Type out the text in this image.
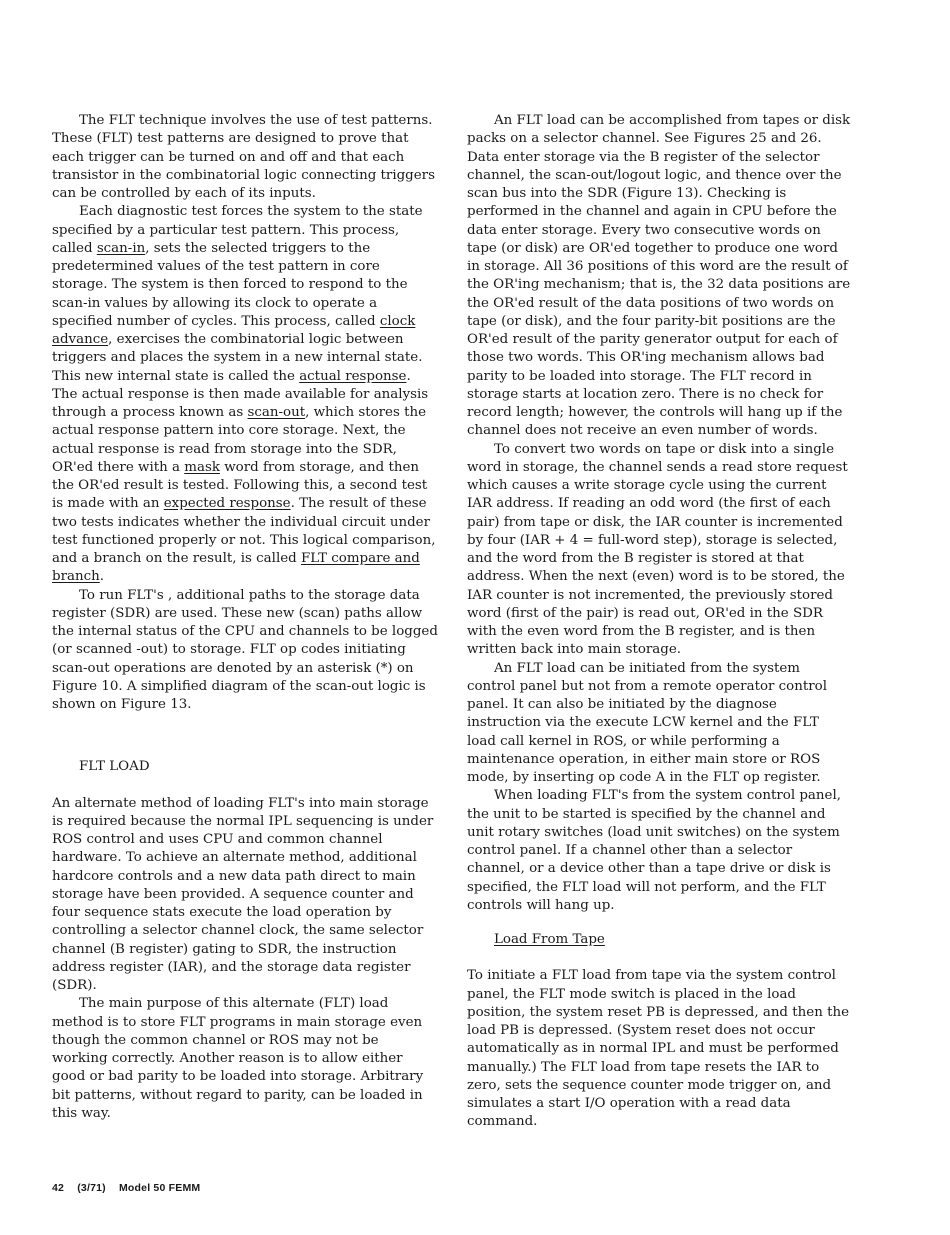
The FLT technique involves the use of test patterns. These (FLT) test patterns are designed to prove that each trigger can be turned on and off and that each transistor in the combinatorial logic connecting triggers can be controlled by each of its inputs.

Each diagnostic test forces the system to the state specified by a particular test pattern. This process, called scan-in, sets the selected triggers to the predetermined values of the test pattern in core storage. The system is then forced to respond to the scan-in values by allowing its clock to operate a specified number of cycles. This process, called clock advance, exercises the combinatorial logic between triggers and places the system in a new internal state. This new internal state is called the actual response. The actual response is then made available for analysis through a process known as scan-out, which stores the actual response pattern into core storage. Next, the actual response is read from storage into the SDR, OR'ed there with a mask word from storage, and then the OR'ed result is tested. Following this, a second test is made with an expected response. The result of these two tests indicates whether the individual circuit under test functioned properly or not. This logical comparison, and a branch on the result, is called FLT compare and branch.

To run FLT's , additional paths to the storage data register (SDR) are used. These new (scan) paths allow the internal status of the CPU and channels to be logged (or scanned -out) to storage. FLT op codes initiating scan-out operations are denoted by an asterisk (*) on Figure 10. A simplified diagram of the scan-out logic is shown on Figure 13.

FLT LOAD

An alternate method of loading FLT's into main storage is required because the normal IPL sequencing is under ROS control and uses CPU and common channel hardware. To achieve an alternate method, additional hardcore controls and a new data path direct to main storage have been provided. A sequence counter and four sequence stats execute the load operation by controlling a selector channel clock, the same selector channel (B register) gating to SDR, the instruction address register (IAR), and the storage data register (SDR).

The main purpose of this alternate (FLT) load method is to store FLT programs in main storage even though the common channel or ROS may not be working correctly. Another reason is to allow either good or bad parity to be loaded into storage. Arbitrary bit patterns, without regard to parity, can be loaded in this way.

An FLT load can be accomplished from tapes or disk packs on a selector channel. See Figures 25 and 26. Data enter storage via the B register of the selector channel, the scan-out/logout logic, and thence over the scan bus into the SDR (Figure 13). Checking is performed in the channel and again in CPU before the data enter storage. Every two consecutive words on tape (or disk) are OR'ed together to produce one word in storage. All 36 positions of this word are the result of the OR'ing mechanism; that is, the 32 data positions are the OR'ed result of the data positions of two words on tape (or disk), and the four parity-bit positions are the OR'ed result of the parity generator output for each of those two words. This OR'ing mechanism allows bad parity to be loaded into storage. The FLT record in storage starts at location zero. There is no check for record length; however, the controls will hang up if the channel does not receive an even number of words.

To convert two words on tape or disk into a single word in storage, the channel sends a read store request which causes a write storage cycle using the current IAR address. If reading an odd word (the first of each pair) from tape or disk, the IAR counter is incremented by four (IAR + 4 = full-word step), storage is selected, and the word from the B register is stored at that address. When the next (even) word is to be stored, the IAR counter is not incremented, the previously stored word (first of the pair) is read out, OR'ed in the SDR with the even word from the B register, and is then written back into main storage.

An FLT load can be initiated from the system control panel but not from a remote operator control panel. It can also be initiated by the diagnose instruction via the execute LCW kernel and the FLT load call kernel in ROS, or while performing a maintenance operation, in either main store or ROS mode, by inserting op code A in the FLT op register.

When loading FLT's from the system control panel, the unit to be started is specified by the channel and unit rotary switches (load unit switches) on the system control panel. If a channel other than a selector channel, or a device other than a tape drive or disk is specified, the FLT load will not perform, and the FLT controls will hang up.

Load From Tape

To initiate a FLT load from tape via the system control panel, the FLT mode switch is placed in the load position, the system reset PB is depressed, and then the load PB is depressed. (System reset does not occur automatically as in normal IPL and must be performed manually.) The FLT load from tape resets the IAR to zero, sets the sequence counter mode trigger on, and simulates a start I/O operation with a read data command.

42 (3/71) Model 50 FEMM
